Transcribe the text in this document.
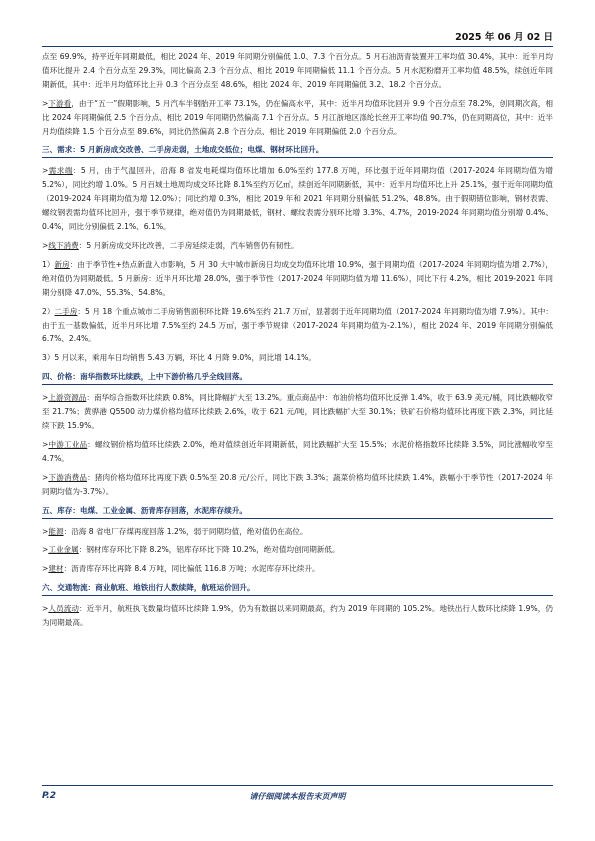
2025 年 06 月 02 日

点至 69.9%，持平近年同期最低，相比 2024 年、2019 年同期分别偏低 1.0、7.3 个百分点。5 月石油沥青装置开工率均值 30.4%，其中：近半月均值环比提升 2.4 个百分点至 29.3%，同比偏高 2.3 个百分点、相比 2019 年同期偏低 11.1 个百分点。5 月水泥粉磨开工率均值 48.5%，续创近年同期新低，其中：近半月均值环比上升 0.3 个百分点至 48.6%，相比 2024 年、2019 年同期偏低 3.2、18.2 个百分点。

>下游看，由于“五一”假期影响，5 月汽车半钢胎开工率 73.1%，仍在偏高水平，其中：近半月均值环比回升 9.9 个百分点至 78.2%，创同期次高，相比 2024 年同期偏低 2.5 个百分点、相比 2019 年同期仍然偏高 7.1 个百分点。5 月江浙地区涤纶长丝开工率均值 90.7%，仍在同期高位，其中：近半月均值续降 1.5 个百分点至 89.6%，同比仍然偏高 2.8 个百分点、相比 2019 年同期偏低 2.0 个百分点。

三、需求：5 月新房成交改善、二手房走弱，土地成交低位；电煤、钢材环比回升。

>需求端：5 月，由于气温回升，沿海 8 省发电耗煤均值环比增加 6.0%至约 177.8 万吨，环比强于近年同期均值（2017-2024 年同期均值为增 5.2%），同比约增 1.0%。5 月百城土地周均成交环比降 8.1%至约万亿㎡，续创近年同期新低，其中：近半月均值环比上升 25.1%，强于近年同期均值（2019-2024 年同期均值为增 12.0%）；同比约增 0.3%，相比 2019 年和 2021 年同期分别偏低 51.2%、48.8%。由于假期错位影响，钢材表需、螺纹钢表需均值环比回升，强于季节规律，绝对值仍为同期最低，钢材、螺纹表需分别环比增 3.3%、4.7%，2019-2024 年同期均值分别增 0.4%、0.4%，同比分别偏低 2.1%、6.1%。

>线下消费：5 月新房成交环比改善，二手房延续走弱，汽车销售仍有韧性。

1）新房：由于季节性+热点新盘入市影响，5 月 30 大中城市新房日均成交均值环比增 10.9%，强于同期均值（2017-2024 年同期均值为增 2.7%），绝对值仍为同期最低。5 月新房：近半月环比增 28.0%，强于季节性（2017-2024 年同期均值为增 11.6%），同比下行 4.2%，相比 2019-2021 年同期分别降 47.0%、55.3%、54.8%。

2）二手房：5 月 18 个重点城市二手房销售面积环比降 19.6%至约 21.7 万㎡，显著弱于近年同期均值（2017-2024 年同期均值为增 7.9%）。其中：由于五一基数偏低，近半月环比增 7.5%至约 24.5 万㎡，强于季节规律（2017-2024 年同期均值为-2.1%），相比 2024 年、2019 年同期分别偏低 6.7%、2.4%。

3）5 月以来，乘用车日均销售 5.43 万辆，环比 4 月降 9.0%，同比增 14.1%。

四、价格：南华指数环比续跌，上中下游价格几乎全线回落。

>上游资源品：南华综合指数环比续跌 0.8%，同比降幅扩大至 13.2%。重点商品中：布油价格均值环比反弹 1.4%，收于 63.9 美元/桶，同比跌幅收窄至 21.7%；黄骅港 Q5500 动力煤价格均值环比续跌 2.6%，收于 621 元/吨，同比跌幅扩大至 30.1%；铁矿石价格均值环比再度下跌 2.3%，同比延续下跌 15.9%。

>中游工业品：螺纹钢价格均值环比续跌 2.0%，绝对值续创近年同期新低，同比跌幅扩大至 15.5%；水泥价格指数环比续降 3.5%，同比涨幅收窄至 4.7%。

>下游消费品：猪肉价格均值环比再度下跌 0.5%至 20.8 元/公斤，同比下跌 3.3%；蔬菜价格均值环比续跌 1.4%，跌幅小于季节性（2017-2024 年同期均值为-3.7%）。

五、库存：电煤、工业金属、沥青库存回落，水泥库存续升。

>能源：沿海 8 省电厂存煤再度回落 1.2%，弱于同期均值，绝对值仍在高位。

>工业金属：钢材库存环比下降 8.2%，铝库存环比下降 10.2%，绝对值均创同期新低。

>建材：沥青库存环比再降 8.4 万吨，同比偏低 116.8 万吨；水泥库存环比续升。

六、交通物流：商业航班、地铁出行人数续降，航班运价回升。

>人员流动：近半月，航班执飞数量均值环比续降 1.9%，仍为有数据以来同期最高，约为 2019 年同期的 105.2%。地铁出行人数环比续降 1.9%，仍为同期最高。

P.2	请仔细阅读本报告末页声明
